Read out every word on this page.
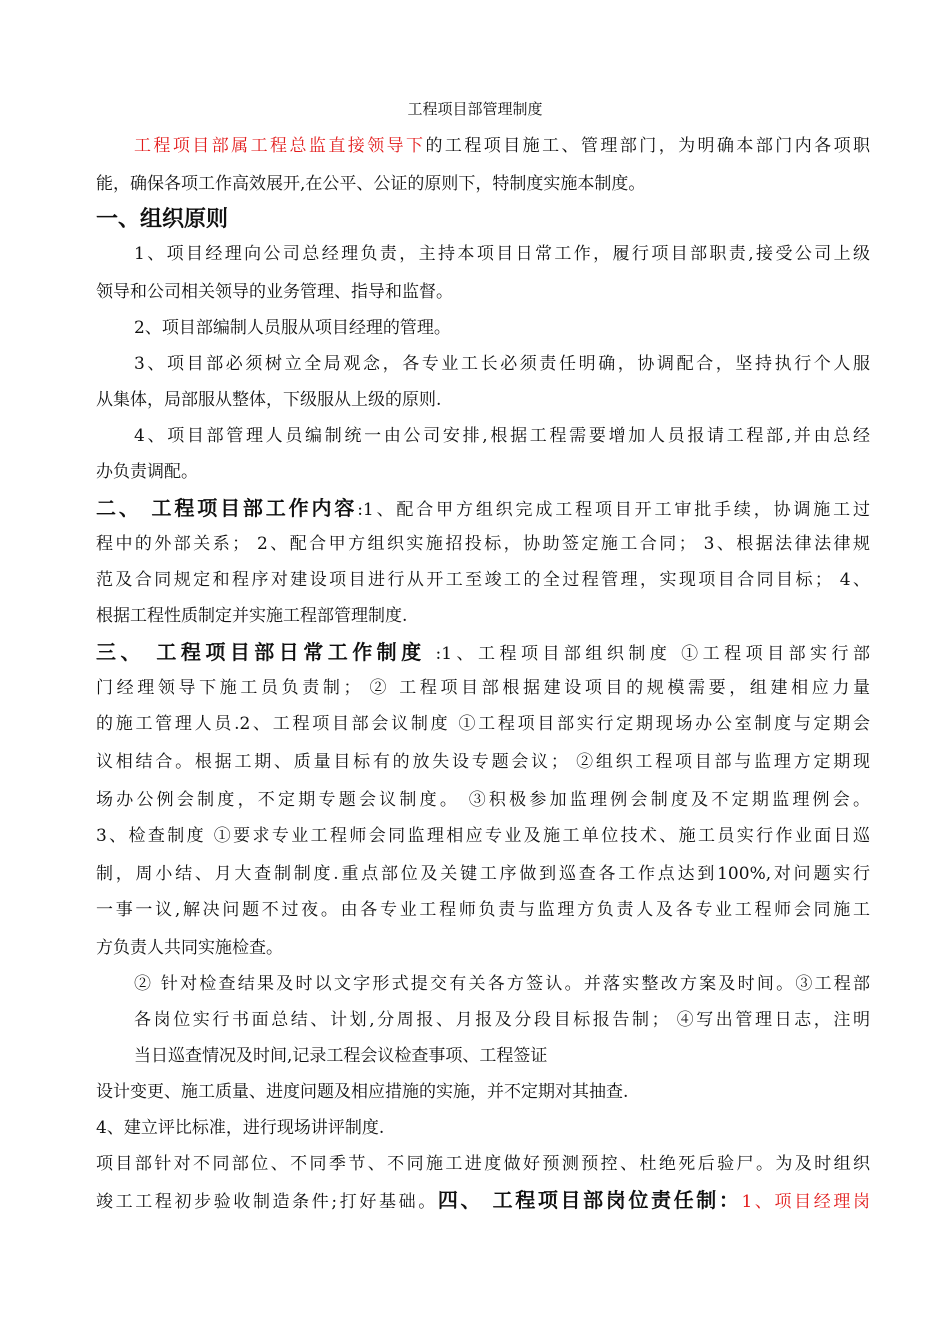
工程项目部管理制度
工程项目部属工程总监直接领导下的工程项目施工、管理部门，为明确本部门内各项职
能，确保各项工作高效展开,在公平、公证的原则下，特制度实施本制度。
一、组织原则
1、项目经理向公司总经理负责，主持本项目日常工作，履行项目部职责,接受公司上级
领导和公司相关领导的业务管理、指导和监督。
2、项目部编制人员服从项目经理的管理。
3、项目部必须树立全局观念，各专业工长必须责任明确，协调配合，坚持执行个人服
从集体，局部服从整体，下级服从上级的原则.
4、项目部管理人员编制统一由公司安排,根据工程需要增加人员报请工程部,并由总经
办负责调配。
二、 工程项目部工作内容:1、配合甲方组织完成工程项目开工审批手续，协调施工过
程中的外部关系； 2、配合甲方组织实施招投标，协助签定施工合同； 3、根据法律法律规
范及合同规定和程序对建设项目进行从开工至竣工的全过程管理，实现项目合同目标； 4、
根据工程性质制定并实施工程部管理制度.
三、 工程项目部日常工作制度 :1、工程项目部组织制度 ①工程项目部实行部
门经理领导下施工员负责制； ② 工程项目部根据建设项目的规模需要，组建相应力量
的施工管理人员.2、工程项目部会议制度 ①工程项目部实行定期现场办公室制度与定期会
议相结合。根据工期、质量目标有的放失设专题会议； ②组织工程项目部与监理方定期现
场办公例会制度，不定期专题会议制度。 ③积极参加监理例会制度及不定期监理例会。
3、检查制度 ①要求专业工程师会同监理相应专业及施工单位技术、施工员实行作业面日巡
制，周小结、月大查制制度.重点部位及关键工序做到巡查各工作点达到100%,对问题实行
一事一议,解决问题不过夜。由各专业工程师负责与监理方负责人及各专业工程师会同施工
方负责人共同实施检查。
② 针对检查结果及时以文字形式提交有关各方签认。并落实整改方案及时间。③工程部
各岗位实行书面总结、计划,分周报、月报及分段目标报告制； ④写出管理日志，注明
当日巡查情况及时间,记录工程会议检查事项、工程签证
设计变更、施工质量、进度问题及相应措施的实施，并不定期对其抽查.
4、建立评比标准，进行现场讲评制度.
项目部针对不同部位、不同季节、不同施工进度做好预测预控、杜绝死后验尸。为及时组织
竣工工程初步验收制造条件;打好基础。四、 工程项目部岗位责任制：1、项目经理岗
